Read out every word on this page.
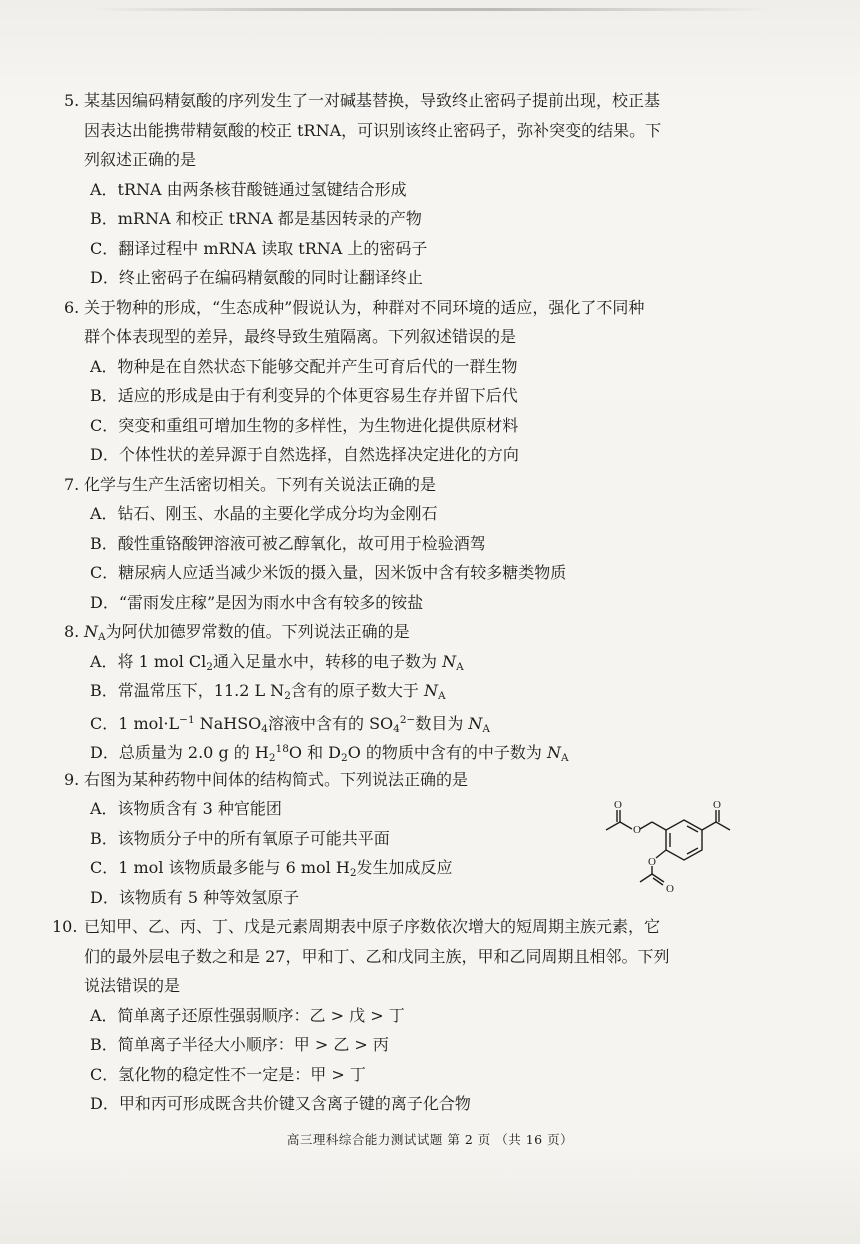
5. 某基因编码精氨酸的序列发生了一对碱基替换，导致终止密码子提前出现，校正基
因表达出能携带精氨酸的校正 tRNA，可识别该终止密码子，弥补突变的结果。下
列叙述正确的是
A．tRNA 由两条核苷酸链通过氢键结合形成
B．mRNA 和校正 tRNA 都是基因转录的产物
C．翻译过程中 mRNA 读取 tRNA 上的密码子
D．终止密码子在编码精氨酸的同时让翻译终止
6. 关于物种的形成，“生态成种”假说认为，种群对不同环境的适应，强化了不同种
群个体表现型的差异，最终导致生殖隔离。下列叙述错误的是
A．物种是在自然状态下能够交配并产生可育后代的一群生物
B．适应的形成是由于有利变异的个体更容易生存并留下后代
C．突变和重组可增加生物的多样性，为生物进化提供原材料
D．个体性状的差异源于自然选择，自然选择决定进化的方向
7. 化学与生产生活密切相关。下列有关说法正确的是
A．钻石、刚玉、水晶的主要化学成分均为金刚石
B．酸性重铬酸钾溶液可被乙醇氧化，故可用于检验酒驾
C．糖尿病人应适当减少米饭的摄入量，因米饭中含有较多糖类物质
D．“雷雨发庄稼”是因为雨水中含有较多的铵盐
8. $N_A$为阿伏加德罗常数的值。下列说法正确的是
A．将 1 mol $Cl_2$通入足量水中，转移的电子数为 $N_A$
B．常温常压下，11.2 L $N_2$含有的原子数大于 $N_A$
C．1 $mol\cdot L^{-1}$ NaHSO$_4$溶液中含有的 $SO_4^{2-}$数目为 $N_A$
D．总质量为 2.0 g 的 $H_2^{18}O$ 和 $D_2O$ 的物质中含有的中子数为 $N_A$
9. 右图为某种药物中间体的结构简式。下列说法正确的是
A．该物质含有 3 种官能团
B．该物质分子中的所有氧原子可能共平面
C．1 mol 该物质最多能与 6 mol $H_2$发生加成反应
D．该物质有 5 种等效氢原子
10. 已知甲、乙、丙、丁、戊是元素周期表中原子序数依次增大的短周期主族元素，它
们的最外层电子数之和是 27，甲和丁、乙和戊同主族，甲和乙同周期且相邻。下列
说法错误的是
A．简单离子还原性强弱顺序：乙 > 戊 > 丁
B．简单离子半径大小顺序：甲 > 乙 > 丙
C．氢化物的稳定性不一定是：甲 > 丁
D．甲和丙可形成既含共价键又含离子键的离子化合物
O
O
O
O
O
高三理科综合能力测试试题 第 2 页 （共 16 页）
